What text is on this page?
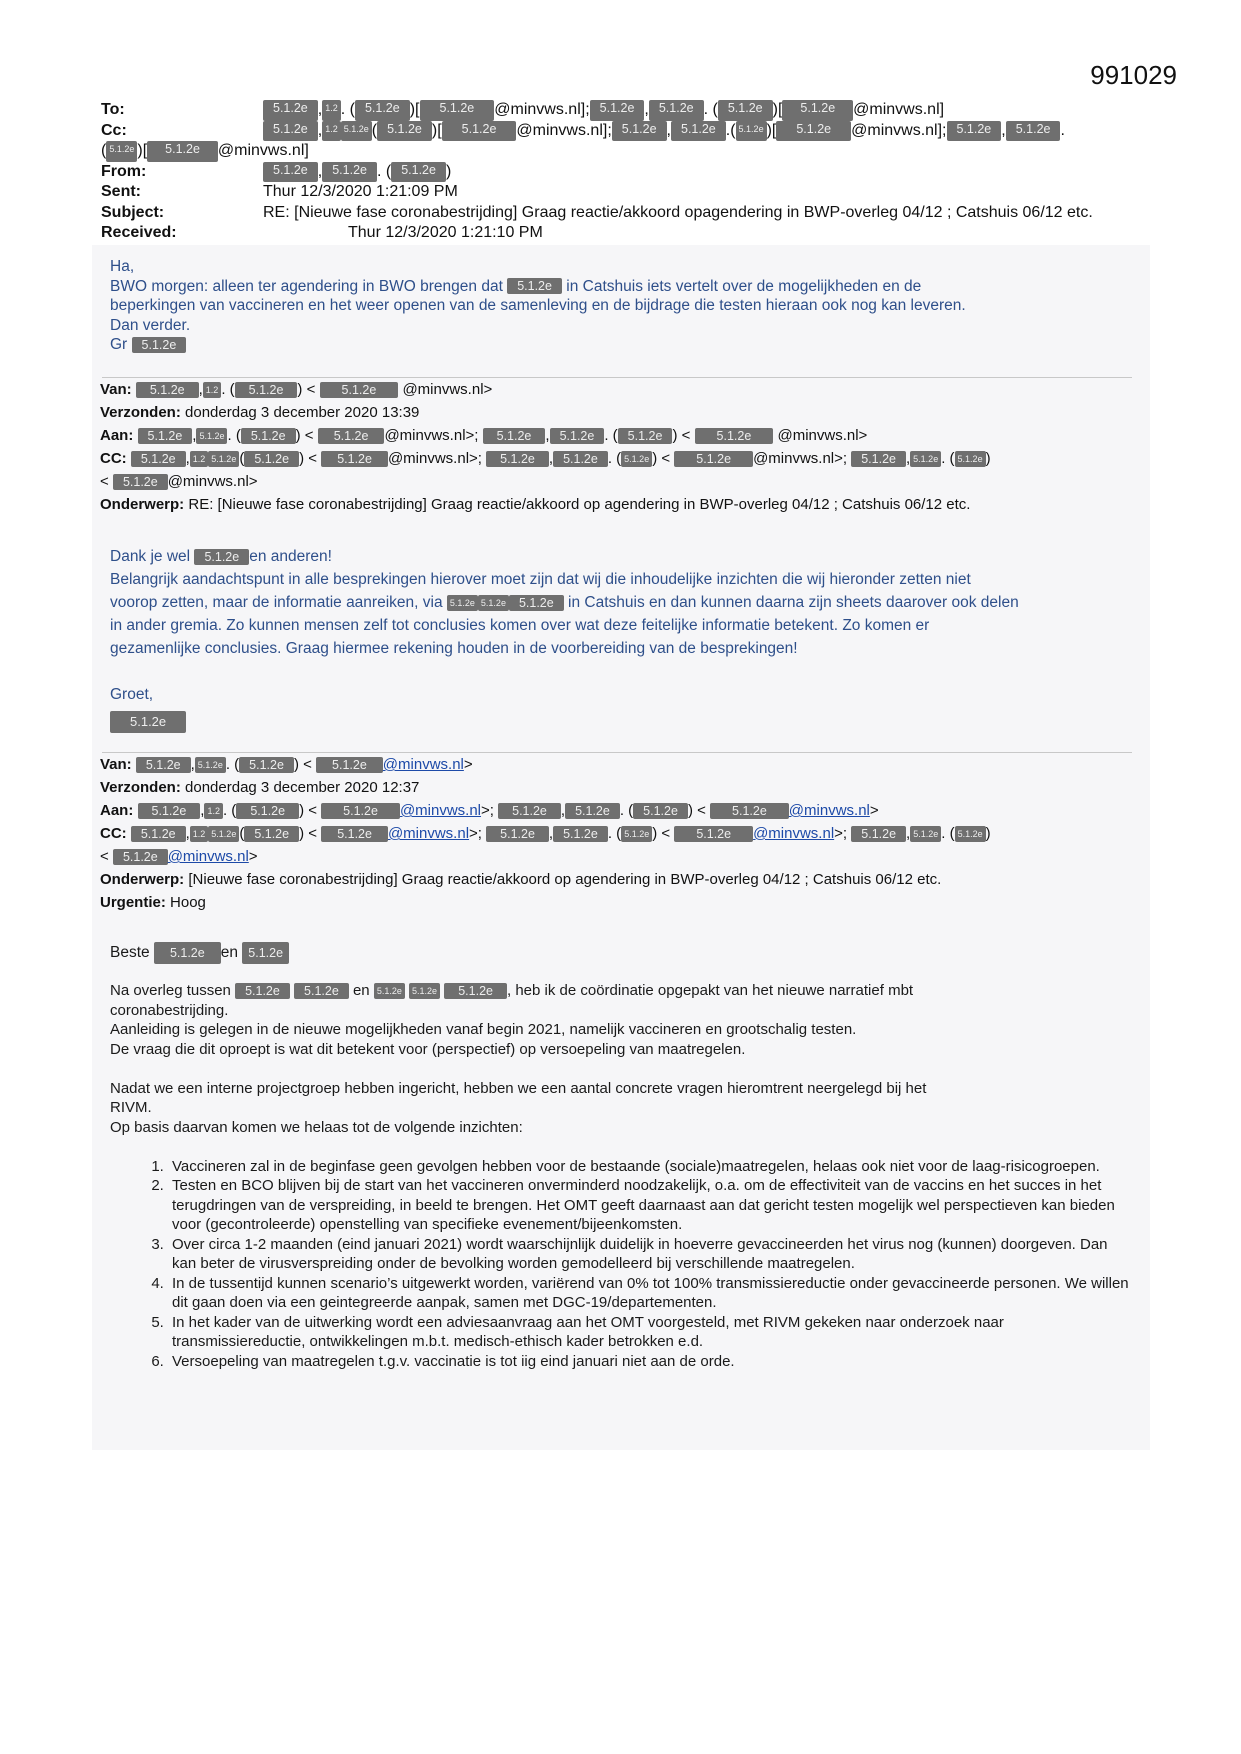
991029
To:	5.1.2e , 1.2 . ( 5.1.2e )[	5.1.2e	@minvws.nl]; 5.1.2e , 5.1.2e . ( 5.1.2e )[	5.1.2e	@minvws.nl]
Cc:	5.1.2e , 1.2 5.1.2e ( 5.1.2e )[	5.1.2e	@minvws.nl]; 5.1.2e , 5.1.2e .( 5.1.2e )[	5.1.2e	@minvws.nl]; 5.1.2e , 5.1.2e .
( 5.1.2e )[	5.1.2e	@minvws.nl]
From:	5.1.2e , 5.1.2e . ( 5.1.2e )
Sent:	Thur 12/3/2020 1:21:09 PM
Subject:	RE: [Nieuwe fase coronabestrijding] Graag reactie/akkoord opagendering in BWP-overleg 04/12 ; Catshuis 06/12 etc.
Received:	Thur 12/3/2020 1:21:10 PM
Ha,
BWO morgen: alleen ter agendering in BWO brengen dat 5.1.2e in Catshuis iets vertelt over de mogelijkheden en de
beperkingen van vaccineren en het weer openen van de samenleving en de bijdrage die testen hieraan ook nog kan leveren.
Dan verder.
Gr 5.1.2e
Van: 5.1.2e , 1.2 . ( 5.1.2e ) < 5.1.2e @minvws.nl>
Verzonden: donderdag 3 december 2020 13:39
Aan: 5.1.2e , 5.1.2e . ( 5.1.2e ) < 5.1.2e @minvws.nl>; 5.1.2e , 5.1.2e . ( 5.1.2e ) < 5.1.2e @minvws.nl>
CC: 5.1.2e , 1.2 5.1.2e ( 5.1.2e ) < 5.1.2e @minvws.nl>; 5.1.2e , 5.1.2e . ( 5.1.2e ) < 5.1.2e @minvws.nl>; 5.1.2e , 5.1.2e . ( 5.1.2e )
< 5.1.2e @minvws.nl>
Onderwerp: RE: [Nieuwe fase coronabestrijding] Graag reactie/akkoord op agendering in BWP-overleg 04/12 ; Catshuis 06/12 etc.
Dank je wel 5.1.2e en anderen!
Belangrijk aandachtspunt in alle besprekingen hierover moet zijn dat wij die inhoudelijke inzichten die wij hieronder zetten niet
voorop zetten, maar de informatie aanreiken, via 5.1.2e 5.1.2e 5.1.2e in Catshuis en dan kunnen daarna zijn sheets daarover ook delen
in ander gremia. Zo kunnen mensen zelf tot conclusies komen over wat deze feitelijke informatie betekent. Zo komen er
gezamenlijke conclusies. Graag hiermee rekening houden in de voorbereiding van de besprekingen!
Groet,
5.1.2e
Van: 5.1.2e , 5.1.2e . ( 5.1.2e ) < 5.1.2e @minvws.nl>
Verzonden: donderdag 3 december 2020 12:37
Aan: 5.1.2e , 1.2 . ( 5.1.2e ) < 5.1.2e @minvws.nl>; 5.1.2e , 5.1.2e . ( 5.1.2e ) < 5.1.2e @minvws.nl>
CC: 5.1.2e , 1.2 5.1.2e ( 5.1.2e ) < 5.1.2e @minvws.nl>; 5.1.2e , 5.1.2e . ( 5.1.2e ) < 5.1.2e @minvws.nl>; 5.1.2e , 5.1.2e . ( 5.1.2e )
< 5.1.2e @minvws.nl>
Onderwerp: [Nieuwe fase coronabestrijding] Graag reactie/akkoord op agendering in BWP-overleg 04/12 ; Catshuis 06/12 etc.
Urgentie: Hoog
Beste 5.1.2e en 5.1.2e
Na overleg tussen 5.1.2e 5.1.2e en 5.1.2e 5.1.2e 5.1.2e , heb ik de coördinatie opgepakt van het nieuwe narratief mbt
coronabestrijding.
Aanleiding is gelegen in de nieuwe mogelijkheden vanaf begin 2021, namelijk vaccineren en grootschalig testen.
De vraag die dit oproept is wat dit betekent voor (perspectief) op versoepeling van maatregelen.
Nadat we een interne projectgroep hebben ingericht, hebben we een aantal concrete vragen hieromtrent neergelegd bij het
RIVM.
Op basis daarvan komen we helaas tot de volgende inzichten:
1. Vaccineren zal in de beginfase geen gevolgen hebben voor de bestaande (sociale)maatregelen, helaas ook niet voor de laag-risicogroepen.
2. Testen en BCO blijven bij de start van het vaccineren onverminderd noodzakelijk, o.a. om de effectiviteit van de vaccins en het succes in het terugdringen van de verspreiding, in beeld te brengen. Het OMT geeft daarnaast aan dat gericht testen mogelijk wel perspectieven kan bieden voor (gecontroleerde) openstelling van specifieke evenement/bijeenkomsten.
3. Over circa 1-2 maanden (eind januari 2021) wordt waarschijnlijk duidelijk in hoeverre gevaccineerden het virus nog (kunnen) doorgeven. Dan kan beter de virusverspreiding onder de bevolking worden gemodelleerd bij verschillende maatregelen.
4. In de tussentijd kunnen scenario’s uitgewerkt worden, variërend van 0% tot 100% transmissiereductie onder gevaccineerde personen. We willen dit gaan doen via een geintegreerde aanpak, samen met DGC-19/departementen.
5. In het kader van de uitwerking wordt een adviesaanvraag aan het OMT voorgesteld, met RIVM gekeken naar onderzoek naar transmissiereductie, ontwikkelingen m.b.t. medisch-ethisch kader betrokken e.d.
6. Versoepeling van maatregelen t.g.v. vaccinatie is tot iig eind januari niet aan de orde.
